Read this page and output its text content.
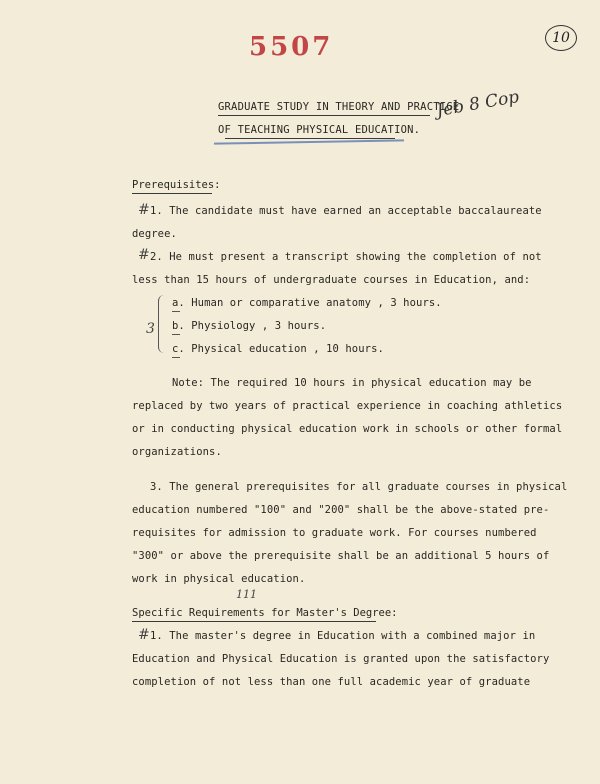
5507	10
GRADUATE STUDY IN THEORY AND PRACTICE
OF TEACHING PHYSICAL EDUCATION.
Jeb 8 Cop
Prerequisites:
# 1. The candidate must have earned an acceptable baccalaureate
degree.
# 2. He must present a transcript showing the completion of not
less than 15 hours of undergraduate courses in Education, and:
3
a. Human or comparative anatomy , 3 hours.
b. Physiology , 3 hours.
c. Physical education , 10 hours.
Note: The required 10 hours in physical education may be
replaced by two years of practical experience in coaching athletics
or in conducting physical education work in schools or other formal
organizations.
3. The general prerequisites for all graduate courses in physical
education numbered "100" and "200" shall be the above-stated pre-
requisites for admission to graduate work. For courses numbered
"300" or above the prerequisite shall be an additional 5 hours of
work in physical education.
111
Specific Requirements for Master's Degree:
# 1. The master's degree in Education with a combined major in
Education and Physical Education is granted upon the satisfactory
completion of not less than one full academic year of graduate
